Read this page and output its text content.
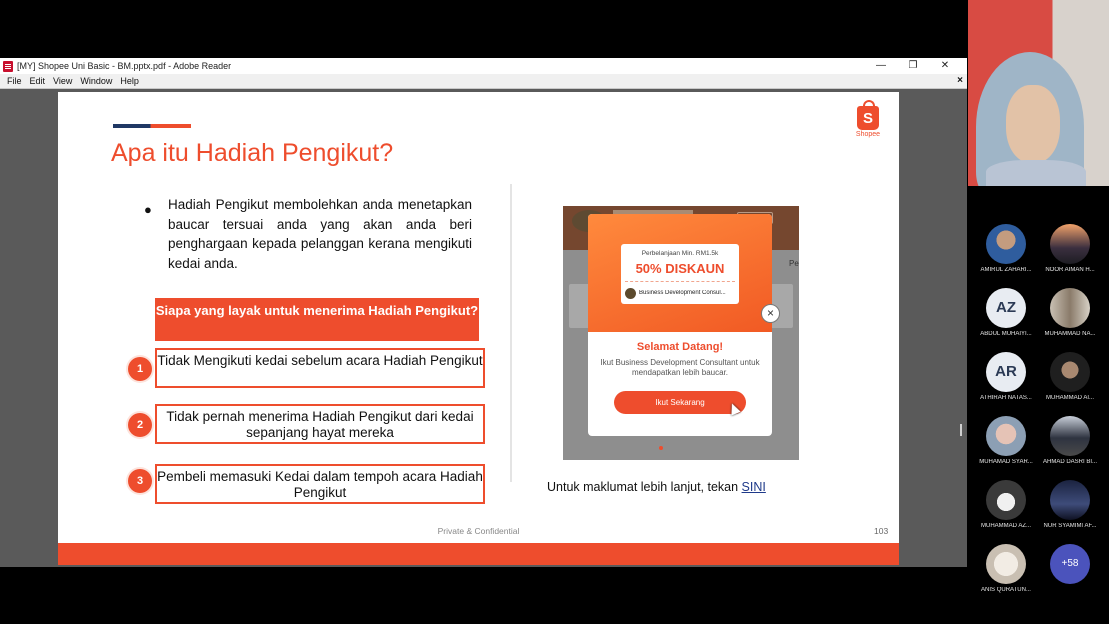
[MY] Shopee Uni Basic - BM.pptx.pdf - Adobe Reader	—	❐	✕
File Edit View Window Help	×
Apa itu Hadiah Pengikut?
S
Shopee
● Hadiah Pengikut membolehkan anda menetapkan baucar tersuai anda yang akan anda beri penghargaan kepada pelanggan kerana mengikuti kedai anda.
Siapa yang layak untuk menerima Hadiah Pengikut?
1
Tidak Mengikuti kedai sebelum acara Hadiah Pengikut
2
Tidak pernah menerima Hadiah Pengikut dari kedai sepanjang hayat mereka
3	Pembeli memasuki Kedai dalam tempoh acara Hadiah Pengikut
Pe
Perbelanjaan Min. RM1.5k
50% DISKAUN
Business Development Consul...
Selamat Datang!
Ikut Business Development Consultant untuk mendapatkan lebih baucar.
Ikut Sekarang
×
Untuk maklumat lebih lanjut, tekan SINI
Private & Confidential	103
AMIRUL ZAHARI...	NOOR AIMAN H...
AZ
ABDUL MUHAIYI...	MUHAMMAD NA...
AR
ATHIRAH NATAS...	MUHAMMAD AI...
MUHAMAD SYAR...	AHMAD DASRI BI...
MUHAMMAD AZ...	NUR SYAMIMI AF...
ANIS QURATUN...
+58
